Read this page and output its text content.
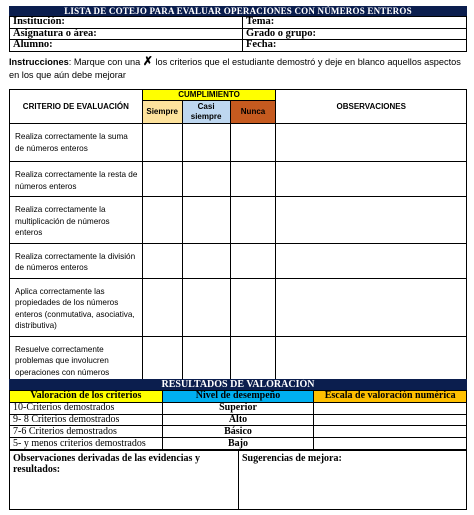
LISTA DE COTEJO PARA EVALUAR OPERACIONES CON NÚMEROS ENTEROS
Institución:	Tema:
Asignatura o área:	Grado o grupo:
Alumno:	Fecha:
Instrucciones: Marque con una ✗ los criterios que el estudiante demostró y deje en blanco aquellos aspectos en los que aún debe mejorar
CRITERIO DE EVALUACIÓN	CUMPLIMIENTO			OBSERVACIONES
	Siempre	Casi siempre	Nunca	
Realiza correctamente la suma de números enteros				
Realiza correctamente la resta de números enteros				
Realiza correctamente la multiplicación de números enteros				
Realiza correctamente la división de números enteros				
Aplica correctamente las propiedades de los números enteros (conmutativa, asociativa, distributiva)				
Resuelve correctamente problemas que involucren operaciones con números				
RESULTADOS DE VALORACIÓN
Valoración de los criterios	Nivel de desempeño	Escala de valoración numérica
10-Criterios demostrados	Superior	
9- 8 Criterios demostrados	Alto	
7-6 Criterios demostrados	Básico	
5- y menos criterios demostrados	Bajo	
Observaciones derivadas de las evidencias y resultados:	Sugerencias de mejora:
